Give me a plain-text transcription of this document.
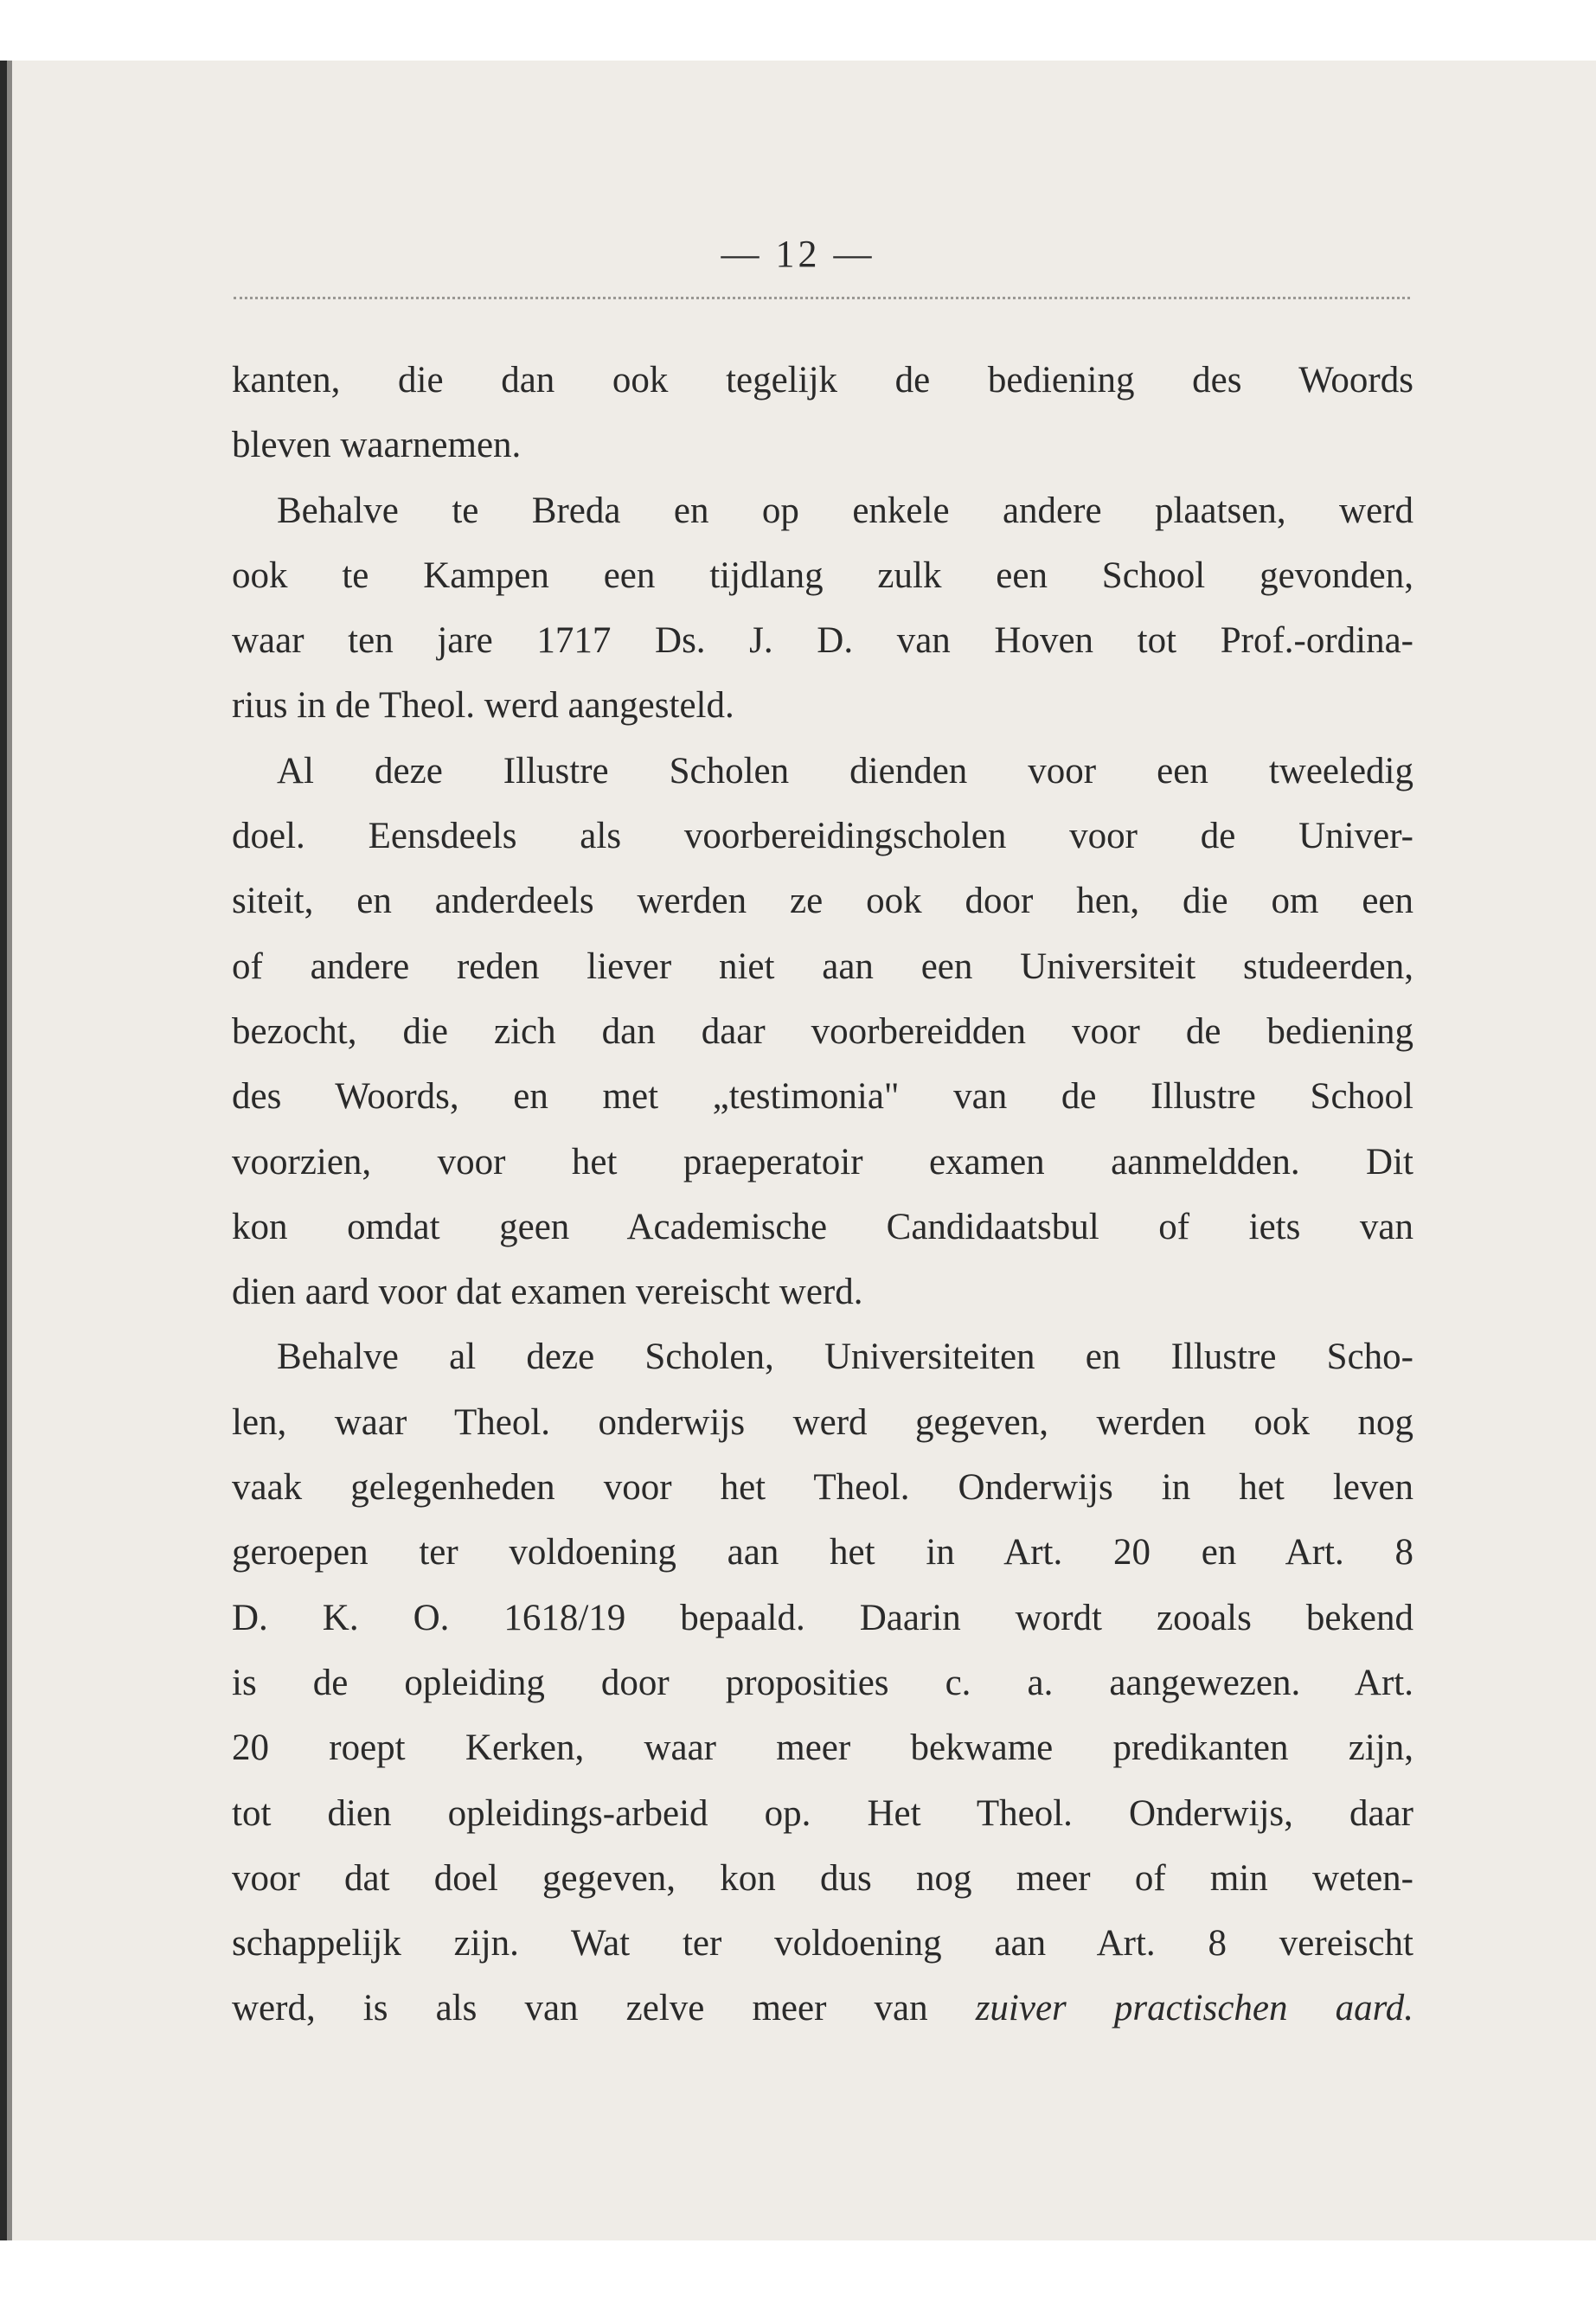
— 12 —
kanten, die dan ook tegelijk de bediening des Woords
bleven waarnemen.
Behalve te Breda en op enkele andere plaatsen, werd
ook te Kampen een tijdlang zulk een School gevonden,
waar ten jare 1717 Ds. J. D. van Hoven tot Prof.-ordina-
rius in de Theol. werd aangesteld.
Al deze Illustre Scholen dienden voor een tweeledig
doel. Eensdeels als voorbereidingscholen voor de Univer-
siteit, en anderdeels werden ze ook door hen, die om een
of andere reden liever niet aan een Universiteit studeerden,
bezocht, die zich dan daar voorbereidden voor de bediening
des Woords, en met „testimonia" van de Illustre School
voorzien, voor het praeperatoir examen aanmeldden. Dit
kon omdat geen Academische Candidaatsbul of iets van
dien aard voor dat examen vereischt werd.
Behalve al deze Scholen, Universiteiten en Illustre Scho-
len, waar Theol. onderwijs werd gegeven, werden ook nog
vaak gelegenheden voor het Theol. Onderwijs in het leven
geroepen ter voldoening aan het in Art. 20 en Art. 8
D. K. O. 1618/19 bepaald. Daarin wordt zooals bekend
is de opleiding door proposities c. a. aangewezen. Art.
20 roept Kerken, waar meer bekwame predikanten zijn,
tot dien opleidings-arbeid op. Het Theol. Onderwijs, daar
voor dat doel gegeven, kon dus nog meer of min weten-
schappelijk zijn. Wat ter voldoening aan Art. 8 vereischt
werd, is als van zelve meer van zuiver practischen aard.
